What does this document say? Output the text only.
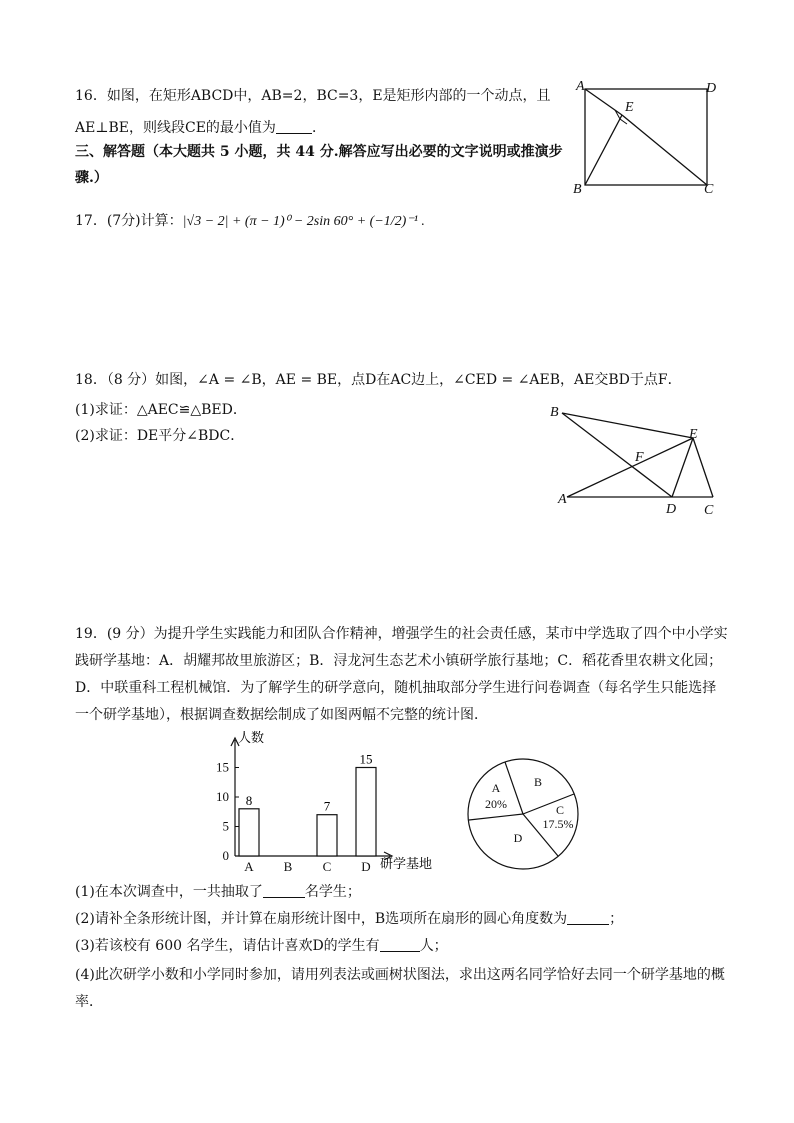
16．如图，在矩形ABCD中，AB=2，BC=3，E是矩形内部的一个动点，且
AE⊥BE，则线段CE的最小值为	．
A	D
E
B	C
三、解答题（本大题共 5 小题，共 44 分.解答应写出必要的文字说明或推演步
骤.）
17．(7分)计算：|√3 − 2| + (π − 1)⁰ − 2sin 60° + (−1/2)⁻¹ .
18．（8 分）如图，∠A = ∠B，AE = BE，点D在AC边上，∠CED = ∠AEB，AE交BD于点F．
(1)求证：△AEC≌△BED．
(2)求证：DE平分∠BDC．
B
E
F
A
D C
19．(9 分）为提升学生实践能力和团队合作精神，增强学生的社会责任感，某市中学选取了四个中小学实
践研学基地：A．胡耀邦故里旅游区；B．浔龙河生态艺术小镇研学旅行基地；C．稻花香里农耕文化园；
D．中联重科工程机械馆．为了解学生的研学意向，随机抽取部分学生进行问卷调查（每名学生只能选择
一个研学基地），根据调查数据绘制成了如图两幅不完整的统计图．
人数
研学基地
0
5
10
15
A B C D
8	7
15
A
20%
B
C
17.5%
D
(1)在本次调查中，一共抽取了	名学生；
(2)请补全条形统计图，并计算在扇形统计图中，B选项所在扇形的圆心角度数为	；
(3)若该校有 600 名学生，请估计喜欢D的学生有	人；
(4)此次研学小数和小学同时参加，请用列表法或画树状图法，求出这两名同学恰好去同一个研学基地的概
率．
